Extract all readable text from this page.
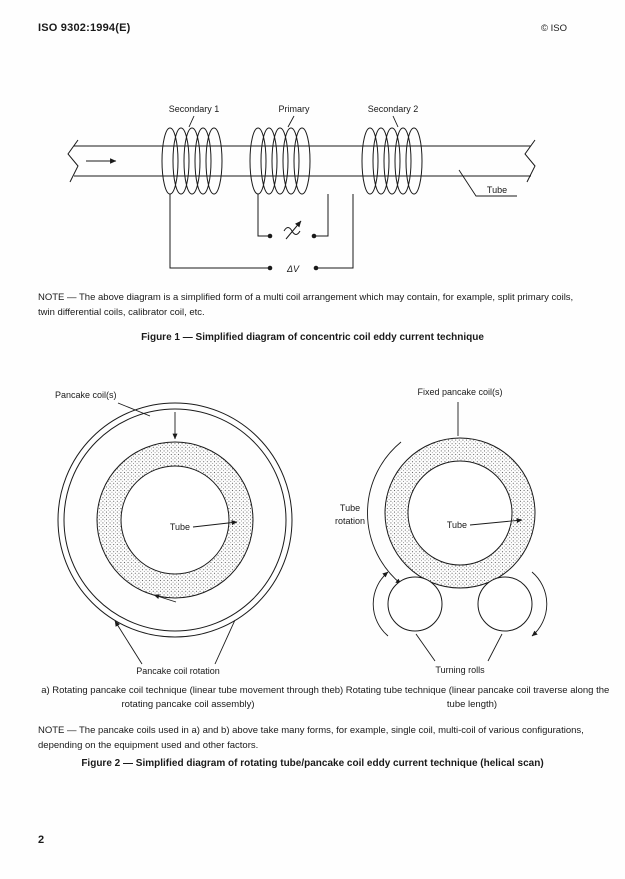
ISO 9302:1994(E)	© ISO
Secondary 1	Primary	Secondary 2
Tube
ΔV

NOTE — The above diagram is a simplified form of a multi coil arrangement which may contain, for example, split primary coils, twin differential coils, calibrator coil, etc.

Figure 1 — Simplified diagram of concentric coil eddy current technique
Pancake coil(s)
Tube
Pancake coil rotation
Fixed pancake coil(s)
Tube
rotation	Tube
Turning rolls
a) Rotating pancake coil technique (linear tube movement through the rotating pancake coil assembly)
b) Rotating tube technique (linear pancake coil traverse along the tube length)

NOTE — The pancake coils used in a) and b) above take many forms, for example, single coil, multi-coil of various configurations, depending on the equipment used and other factors.

Figure 2 — Simplified diagram of rotating tube/pancake coil eddy current technique (helical scan)
2
